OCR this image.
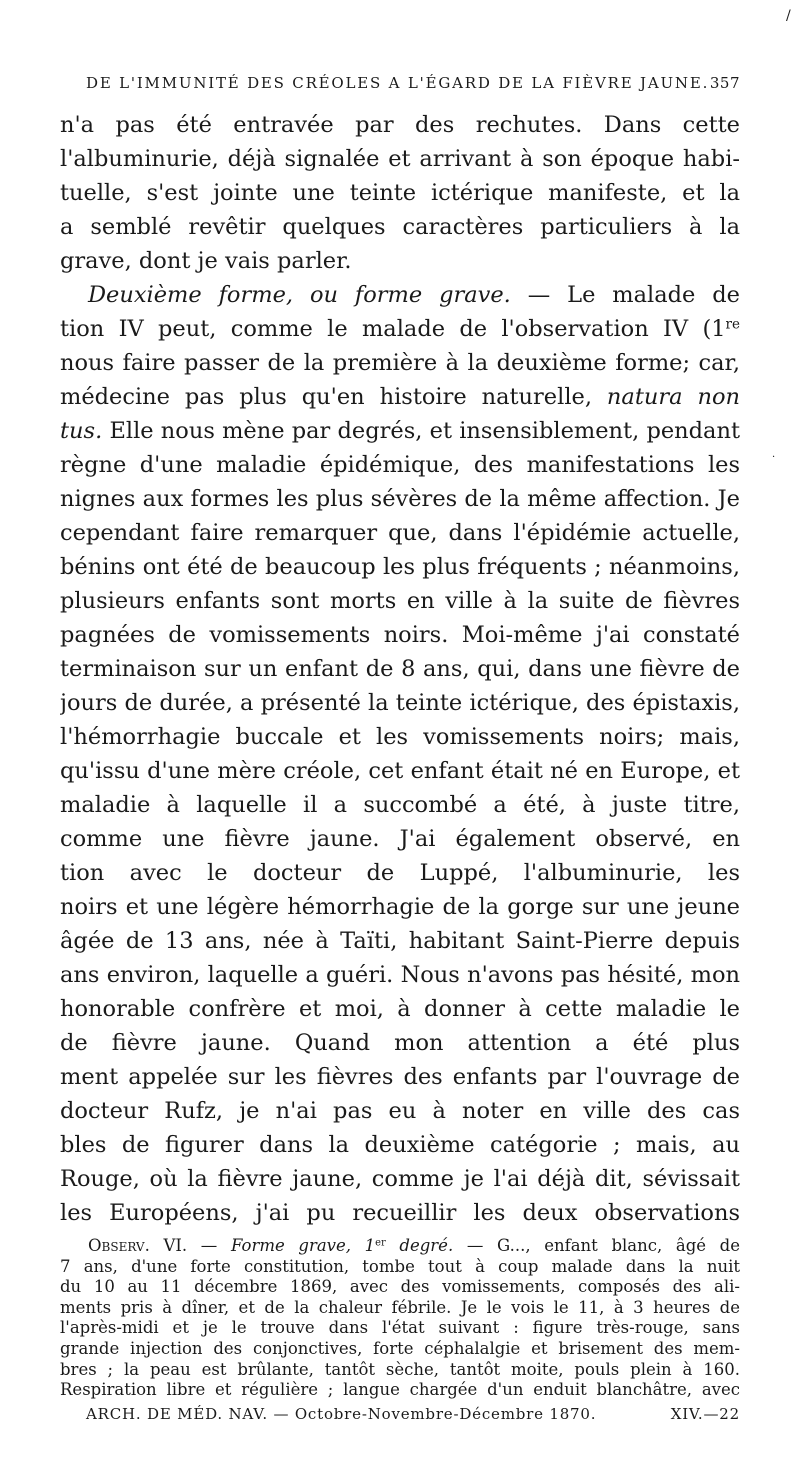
/
·
DE L'IMMUNITÉ DES CRÉOLES A L'ÉGARD DE LA FIÈVRE JAUNE. 357
n'a pas été entravée par des rechutes. Dans cette
l'albuminurie, déjà signalée et arrivant à son époque habi-
tuelle, s'est jointe une teinte ictérique manifeste, et la
a semblé revêtir quelques caractères particuliers à la
grave, dont je vais parler.
Deuxième forme, ou forme grave. — Le malade de
tion IV peut, comme le malade de l'observation IV (1re
nous faire passer de la première à la deuxième forme; car,
médecine pas plus qu'en histoire naturelle, natura non
tus. Elle nous mène par degrés, et insensiblement, pendant
règne d'une maladie épidémique, des manifestations les
nignes aux formes les plus sévères de la même affection. Je
cependant faire remarquer que, dans l'épidémie actuelle,
bénins ont été de beaucoup les plus fréquents ; néanmoins,
plusieurs enfants sont morts en ville à la suite de fièvres
pagnées de vomissements noirs. Moi-même j'ai constaté
terminaison sur un enfant de 8 ans, qui, dans une fièvre de
jours de durée, a présenté la teinte ictérique, des épistaxis,
l'hémorrhagie buccale et les vomissements noirs; mais,
qu'issu d'une mère créole, cet enfant était né en Europe, et
maladie à laquelle il a succombé a été, à juste titre,
comme une fièvre jaune. J'ai également observé, en
tion avec le docteur de Luppé, l'albuminurie, les
noirs et une légère hémorrhagie de la gorge sur une jeune
âgée de 13 ans, née à Taïti, habitant Saint-Pierre depuis
ans environ, laquelle a guéri. Nous n'avons pas hésité, mon
honorable confrère et moi, à donner à cette maladie le
de fièvre jaune. Quand mon attention a été plus
ment appelée sur les fièvres des enfants par l'ouvrage de
docteur Rufz, je n'ai pas eu à noter en ville des cas
bles de figurer dans la deuxième catégorie ; mais, au
Rouge, où la fièvre jaune, comme je l'ai déjà dit, sévissait
les Européens, j'ai pu recueillir les deux observations
Observ. VI. — Forme grave, 1er degré. — G..., enfant blanc, âgé de
ARCH. DE MÉD. NAV. — Octobre-Novembre-Décembre 1870.	XIV.—22
7 ans, d'une forte constitution, tombe tout à coup malade dans la nuit
du 10 au 11 décembre 1869, avec des vomissements, composés des ali-
ments pris à dîner, et de la chaleur fébrile. Je le vois le 11, à 3 heures de
l'après-midi et je le trouve dans l'état suivant : figure très-rouge, sans
grande injection des conjonctives, forte céphalalgie et brisement des mem-
bres ; la peau est brûlante, tantôt sèche, tantôt moite, pouls plein à 160.
Respiration libre et régulière ; langue chargée d'un enduit blanchâtre, avec
